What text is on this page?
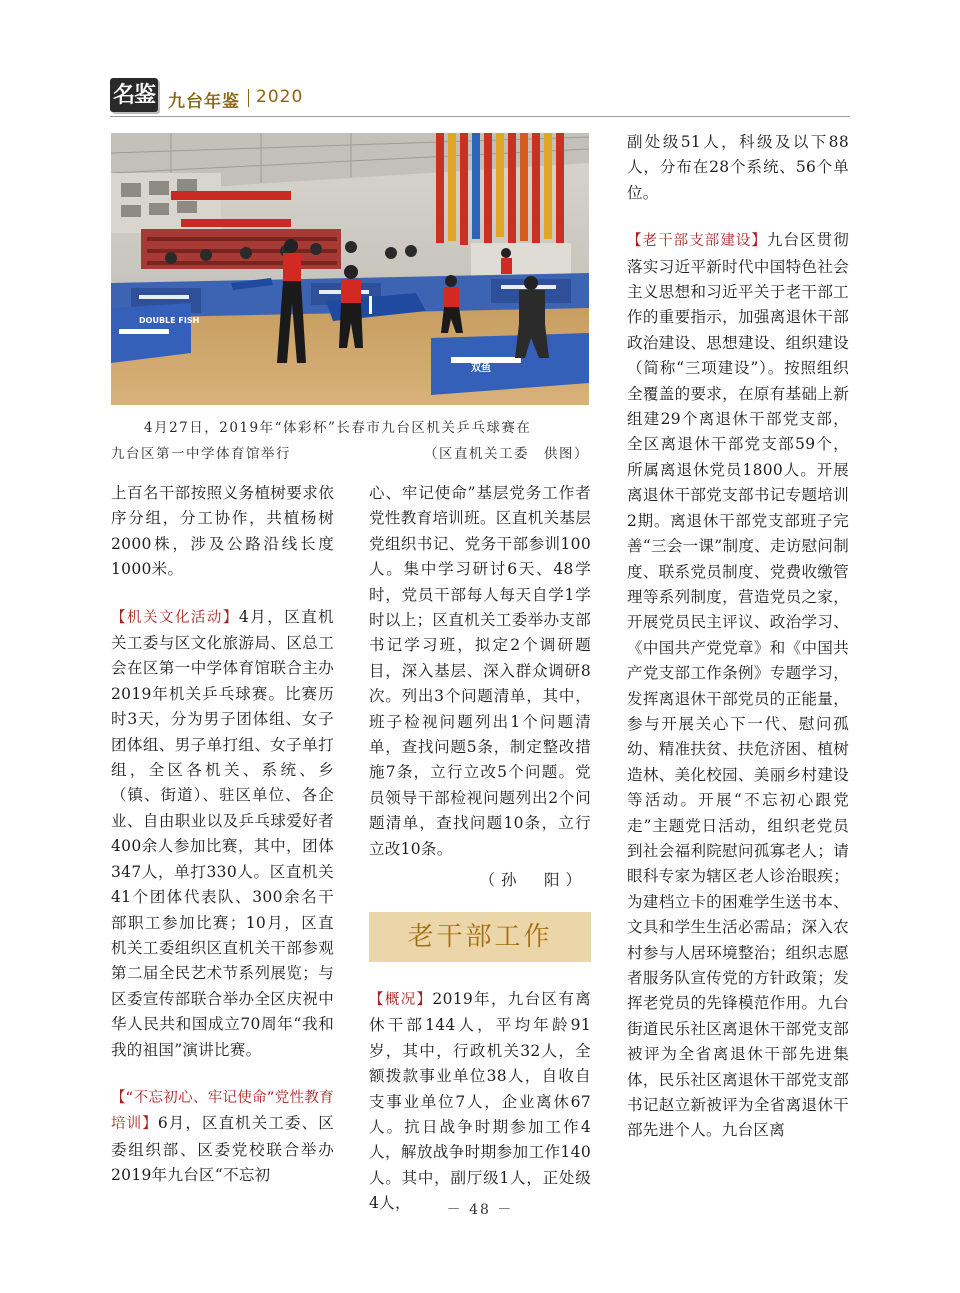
名鉴 九台年鉴 2020
DOUBLE FISH
双鱼
4月27日，2019年“体彩杯”长春市九台区机关乒乓球赛在
九台区第一中学体育馆举行	（区直机关工委　供图）

上百名干部按照义务植树要求依序分组，分工协作，共植杨树2000株，涉及公路沿线长度1000米。

【机关文化活动】4月，区直机关工委与区文化旅游局、区总工会在区第一中学体育馆联合主办2019年机关乒乓球赛。比赛历时3天，分为男子团体组、女子团体组、男子单打组、女子单打组，全区各机关、系统、乡（镇、街道）、驻区单位、各企业、自由职业以及乒乓球爱好者400余人参加比赛，其中，团体347人，单打330人。区直机关41个团体代表队、300余名干部职工参加比赛；10月，区直机关工委组织区直机关干部参观第二届全民艺术节系列展览；与区委宣传部联合举办全区庆祝中华人民共和国成立70周年“我和我的祖国”演讲比赛。

【“不忘初心、牢记使命”党性教育培训】6月，区直机关工委、区委组织部、区委党校联合举办2019年九台区“不忘初

心、牢记使命”基层党务工作者党性教育培训班。区直机关基层党组织书记、党务干部参训100人。集中学习研讨6天、48学时，党员干部每人每天自学1学时以上；区直机关工委举办支部书记学习班，拟定2个调研题目，深入基层、深入群众调研8次。列出3个问题清单，其中，班子检视问题列出1个问题清单，查找问题5条，制定整改措施7条，立行立改5个问题。党员领导干部检视问题列出2个问题清单，查找问题10条，立行立改10条。

（孙　阳）
老干部工作

【概况】2019年，九台区有离休干部144人，平均年龄91岁，其中，行政机关32人，全额拨款事业单位38人，自收自支事业单位7人，企业离休67人。抗日战争时期参加工作4人，解放战争时期参加工作140人。其中，副厅级1人，正处级4人，

副处级51人，科级及以下88人，分布在28个系统、56个单位。

【老干部支部建设】九台区贯彻落实习近平新时代中国特色社会主义思想和习近平关于老干部工作的重要指示，加强离退休干部政治建设、思想建设、组织建设（简称“三项建设”）。按照组织全覆盖的要求，在原有基础上新组建29个离退休干部党支部，全区离退休干部党支部59个，所属离退休党员1800人。开展离退休干部党支部书记专题培训2期。离退休干部党支部班子完善“三会一课”制度、走访慰问制度、联系党员制度、党费收缴管理等系列制度，营造党员之家，开展党员民主评议、政治学习、《中国共产党党章》和《中国共产党支部工作条例》专题学习，发挥离退休干部党员的正能量，参与开展关心下一代、慰问孤幼、精准扶贫、扶危济困、植树造林、美化校园、美丽乡村建设等活动。开展“不忘初心跟党走”主题党日活动，组织老党员到社会福利院慰问孤寡老人；请眼科专家为辖区老人诊治眼疾；为建档立卡的困难学生送书本、文具和学生生活必需品；深入农村参与人居环境整治；组织志愿者服务队宣传党的方针政策；发挥老党员的先锋模范作用。九台街道民乐社区离退休干部党支部被评为全省离退休干部先进集体，民乐社区离退休干部党支部书记赵立新被评为全省离退休干部先进个人。九台区离

－ 48 －
